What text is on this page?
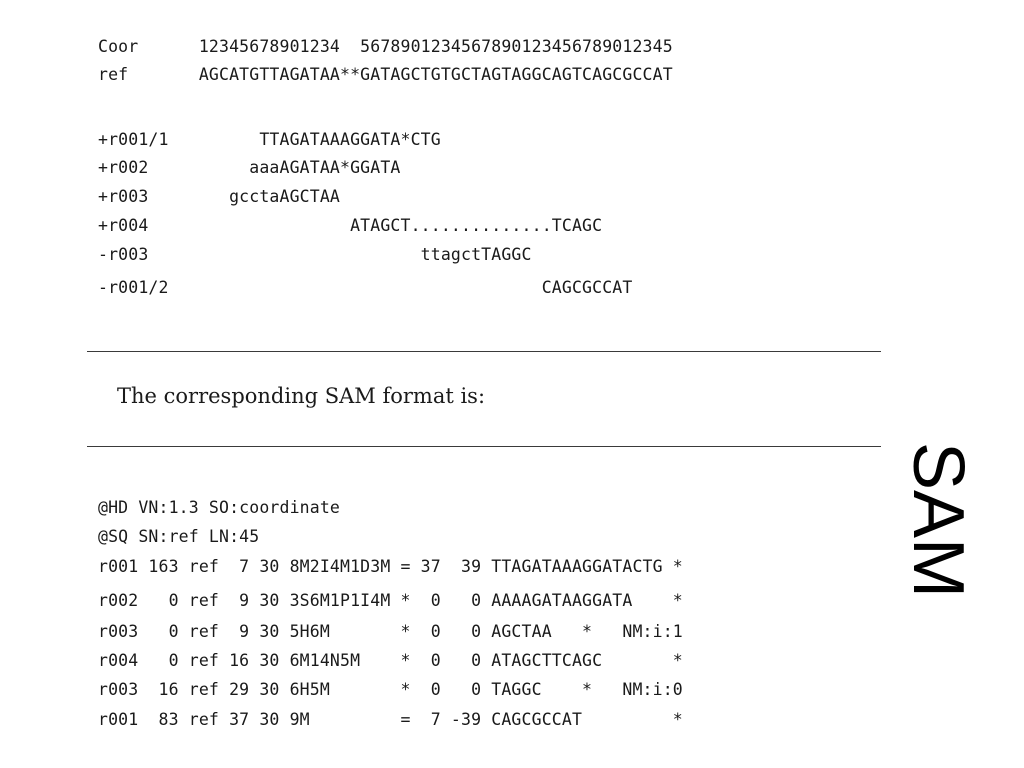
Coor      12345678901234  5678901234567890123456789012345
ref       AGCATGTTAGATAA**GATAGCTGTGCTAGTAGGCAGTCAGCGCCAT
+r001/1         TTAGATAAAGGATA*CTG
+r002          aaaAGATAA*GGATA
+r003        gcctaAGCTAA
+r004                    ATAGCT..............TCAGC
-r003                           ttagctTAGGC
-r001/2                                     CAGCGCCAT
The corresponding SAM format is:
@HD VN:1.3 SO:coordinate
@SQ SN:ref LN:45
r001 163 ref  7 30 8M2I4M1D3M = 37  39 TTAGATAAAGGATACTG *
r002   0 ref  9 30 3S6M1P1I4M *  0   0 AAAAGATAAGGATA    *
r003   0 ref  9 30 5H6M       *  0   0 AGCTAA   *   NM:i:1
r004   0 ref 16 30 6M14N5M    *  0   0 ATAGCTTCAGC       *
r003  16 ref 29 30 6H5M       *  0   0 TAGGC    *   NM:i:0
r001  83 ref 37 30 9M         =  7 -39 CAGCGCCAT         *
SAM
